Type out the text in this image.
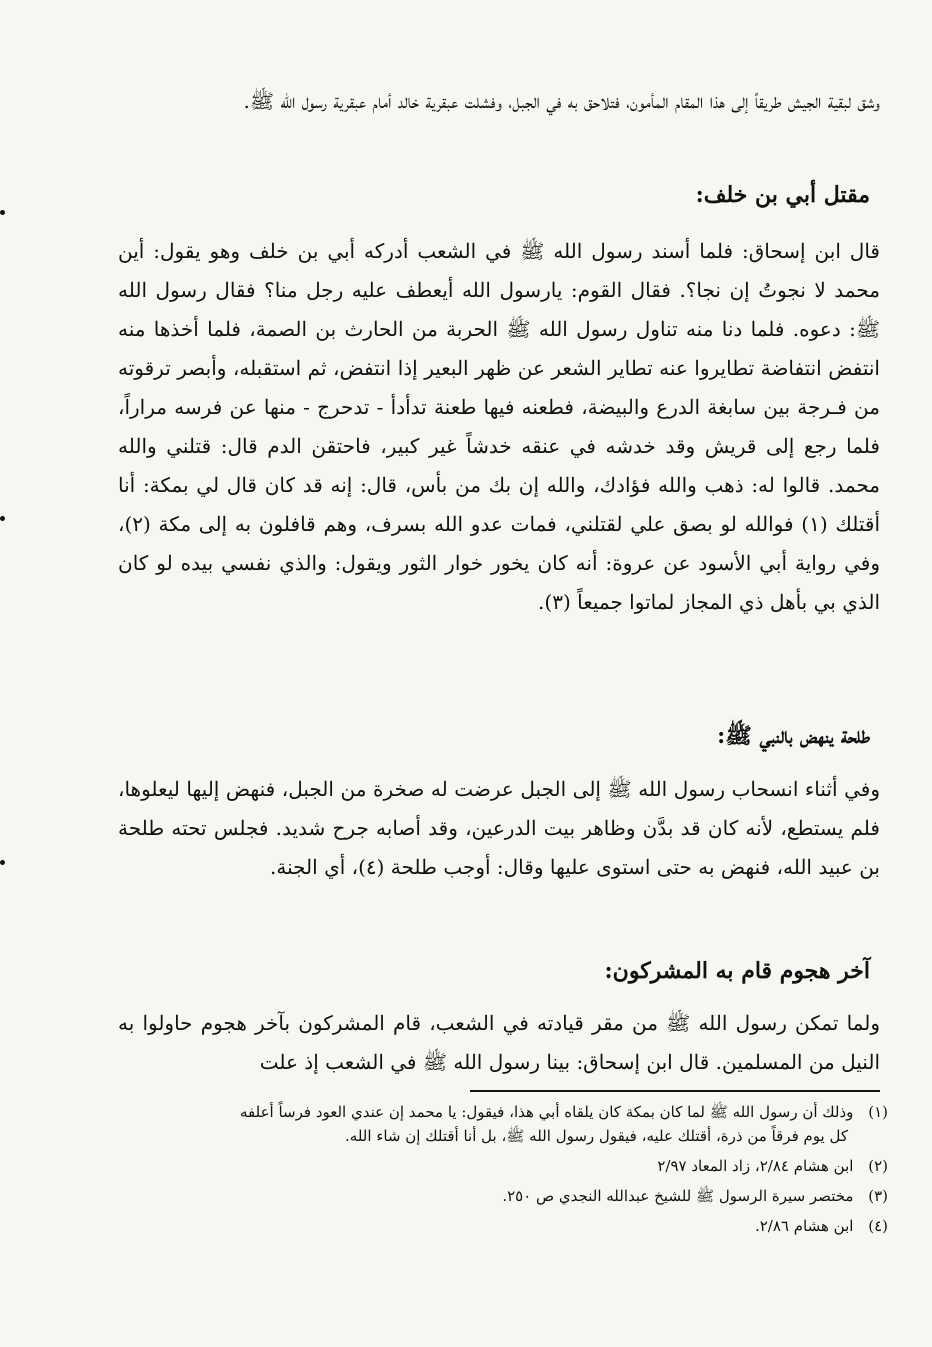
وشق لبقية الجيش طريقاً إلى هذا المقام المأمون، فتلاحق به في الجبل، وفشلت عبقرية خالد أمام عبقرية رسول الله ﷺ.

مقتل أبي بن خلف:

قال ابن إسحاق: فلما أسند رسول الله ﷺ في الشعب أدركه أبي بن خلف وهو يقول: أين محمد لا نجوتُ إن نجا؟. فقال القوم: يارسول الله أيعطف عليه رجل منا؟ فقال رسول الله ﷺ: دعوه. فلما دنا منه تناول رسول الله ﷺ الحربة من الحارث بن الصمة، فلما أخذها منه انتفض انتفاضة تطايروا عنه تطاير الشعر عن ظهر البعير إذا انتفض، ثم استقبله، وأبصر ترقوته من فـرجة بين سابغة الدرع والبيضة، فطعنه فيها طعنة تدأدأ - تدحرج - منها عن فرسه مراراً، فلما رجع إلى قريش وقد خدشه في عنقه خدشاً غير كبير، فاحتقن الدم قال: قتلني والله محمد. قالوا له: ذهب والله فؤادك، والله إن بك من بأس، قال: إنه قد كان قال لي بمكة: أنا أقتلك (١) فوالله لو بصق علي لقتلني، فمات عدو الله بسرف، وهم قافلون به إلى مكة (٢)، وفي رواية أبي الأسود عن عروة: أنه كان يخور خوار الثور ويقول: والذي نفسي بيده لو كان الذي بي بأهل ذي المجاز لماتوا جميعاً (٣).

طلحة ينهض بالنبي ﷺ:

وفي أثناء انسحاب رسول الله ﷺ إلى الجبل عرضت له صخرة من الجبل، فنهض إليها ليعلوها، فلم يستطع، لأنه كان قد بدَّن وظاهر بيت الدرعين، وقد أصابه جرح شديد. فجلس تحته طلحة بن عبيد الله، فنهض به حتى استوى عليها وقال: أوجب طلحة (٤)، أي الجنة.

آخر هجوم قام به المشركون:

ولما تمكن رسول الله ﷺ من مقر قيادته في الشعب، قام المشركون بآخر هجوم حاولوا به النيل من المسلمين. قال ابن إسحاق: بينا رسول الله ﷺ في الشعب إذ علت

(١) وذلك أن رسول الله ﷺ لما كان بمكة كان يلقاه أبي هذا، فيقول: يا محمد إن عندي العود فرساً أعلفه
كل يوم فرقاً من ذرة، أقتلك عليه، فيقول رسول الله ﷺ، بل أنا أقتلك إن شاء الله.

(٢) ابن هشام ٢/٨٤، زاد المعاد ٢/٩٧

(٣) مختصر سيرة الرسول ﷺ للشيخ عبدالله النجدي ص ٢٥٠.

(٤) ابن هشام ٢/٨٦.
